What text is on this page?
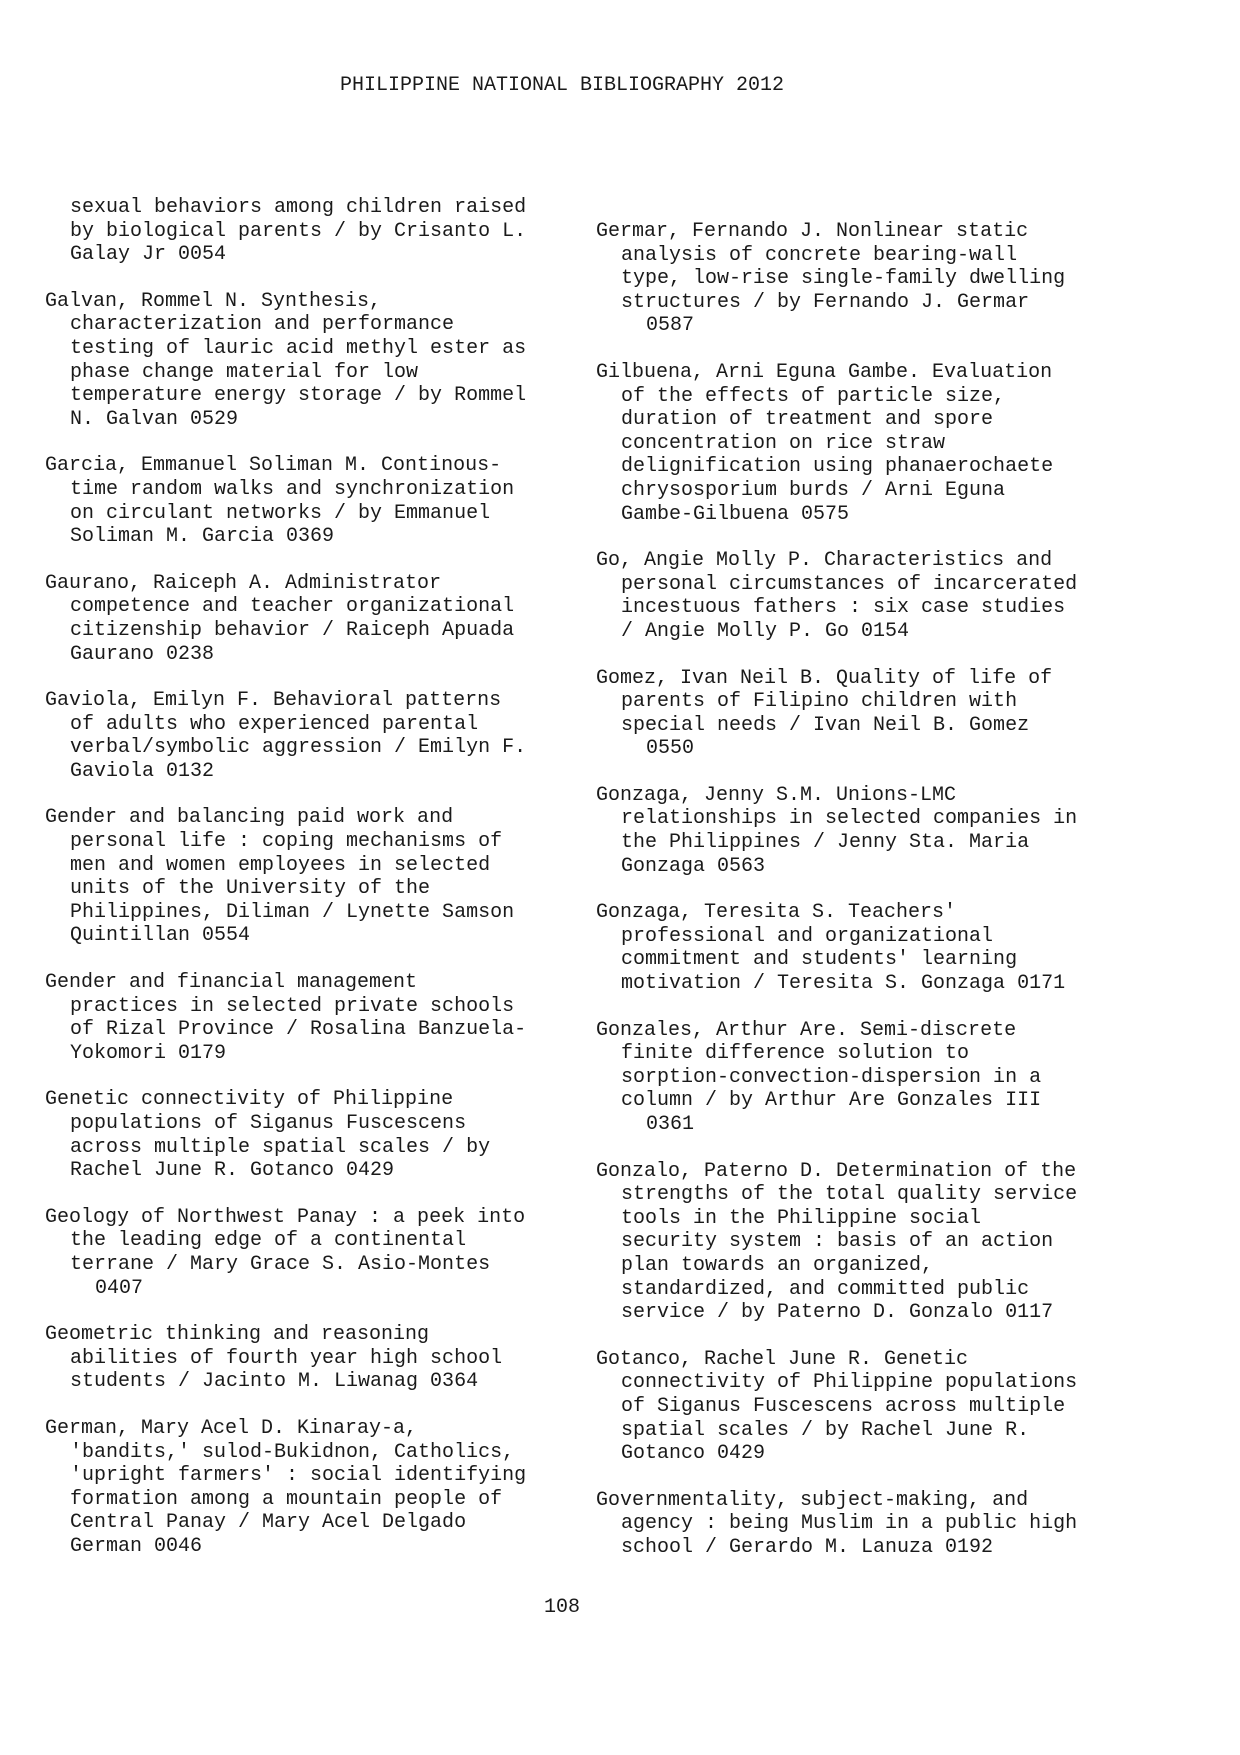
PHILIPPINE NATIONAL BIBLIOGRAPHY 2012
sexual behaviors among children raised
by biological parents / by Crisanto L.
Galay Jr 0054
Galvan, Rommel N. Synthesis,
characterization and performance
testing of lauric acid methyl ester as
phase change material for low
temperature energy storage / by Rommel
N. Galvan 0529
Garcia, Emmanuel Soliman M. Continous-
time random walks and synchronization
on circulant networks / by Emmanuel
Soliman M. Garcia 0369
Gaurano, Raiceph A. Administrator
competence and teacher organizational
citizenship behavior / Raiceph Apuada
Gaurano 0238
Gaviola, Emilyn F. Behavioral patterns
of adults who experienced parental
verbal/symbolic aggression / Emilyn F.
Gaviola 0132
Gender and balancing paid work and
personal life : coping mechanisms of
men and women employees in selected
units of the University of the
Philippines, Diliman / Lynette Samson
Quintillan 0554
Gender and financial management
practices in selected private schools
of Rizal Province / Rosalina Banzuela-
Yokomori 0179
Genetic connectivity of Philippine
populations of Siganus Fuscescens
across multiple spatial scales / by
Rachel June R. Gotanco 0429
Geology of Northwest Panay : a peek into
the leading edge of a continental
terrane / Mary Grace S. Asio-Montes
0407
Geometric thinking and reasoning
abilities of fourth year high school
students / Jacinto M. Liwanag 0364
German, Mary Acel D. Kinaray-a,
'bandits,' sulod-Bukidnon, Catholics,
'upright farmers' : social identifying
formation among a mountain people of
Central Panay / Mary Acel Delgado
German 0046
Germar, Fernando J. Nonlinear static
analysis of concrete bearing-wall
type, low-rise single-family dwelling
structures / by Fernando J. Germar
0587
Gilbuena, Arni Eguna Gambe. Evaluation
of the effects of particle size,
duration of treatment and spore
concentration on rice straw
delignification using phanaerochaete
chrysosporium burds / Arni Eguna
Gambe-Gilbuena 0575
Go, Angie Molly P. Characteristics and
personal circumstances of incarcerated
incestuous fathers : six case studies
/ Angie Molly P. Go 0154
Gomez, Ivan Neil B. Quality of life of
parents of Filipino children with
special needs / Ivan Neil B. Gomez
0550
Gonzaga, Jenny S.M. Unions-LMC
relationships in selected companies in
the Philippines / Jenny Sta. Maria
Gonzaga 0563
Gonzaga, Teresita S. Teachers'
professional and organizational
commitment and students' learning
motivation / Teresita S. Gonzaga 0171
Gonzales, Arthur Are. Semi-discrete
finite difference solution to
sorption-convection-dispersion in a
column / by Arthur Are Gonzales III
0361
Gonzalo, Paterno D. Determination of the
strengths of the total quality service
tools in the Philippine social
security system : basis of an action
plan towards an organized,
standardized, and committed public
service / by Paterno D. Gonzalo 0117
Gotanco, Rachel June R. Genetic
connectivity of Philippine populations
of Siganus Fuscescens across multiple
spatial scales / by Rachel June R.
Gotanco 0429
Governmentality, subject-making, and
agency : being Muslim in a public high
school / Gerardo M. Lanuza 0192
108
